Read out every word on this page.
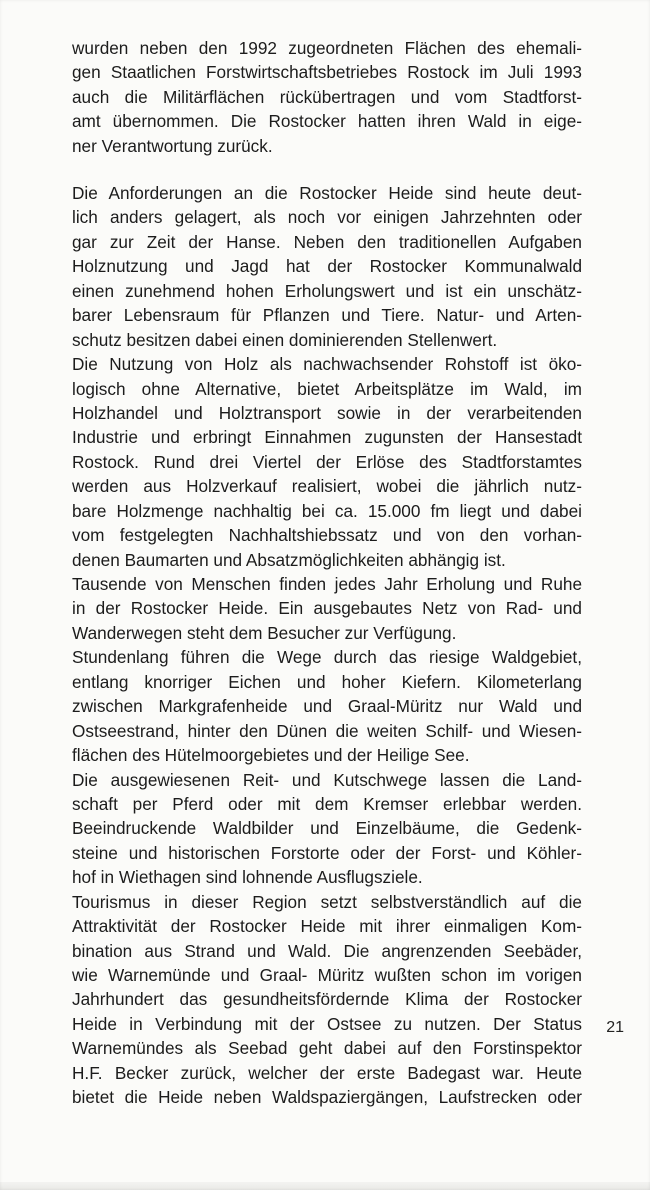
wurden neben den 1992 zugeordneten Flächen des ehemali-
gen Staatlichen Forstwirtschaftsbetriebes Rostock im Juli 1993
auch die Militärflächen rückübertragen und vom Stadtforst-
amt übernommen. Die Rostocker hatten ihren Wald in eige-
ner Verantwortung zurück.
Die Anforderungen an die Rostocker Heide sind heute deut-
lich anders gelagert, als noch vor einigen Jahrzehnten oder
gar zur Zeit der Hanse. Neben den traditionellen Aufgaben
Holznutzung und Jagd hat der Rostocker Kommunalwald
einen zunehmend hohen Erholungswert und ist ein unschätz-
barer Lebensraum für Pflanzen und Tiere. Natur- und Arten-
schutz besitzen dabei einen dominierenden Stellenwert.
Die Nutzung von Holz als nachwachsender Rohstoff ist öko-
logisch ohne Alternative, bietet Arbeitsplätze im Wald, im
Holzhandel und Holztransport sowie in der verarbeitenden
Industrie und erbringt Einnahmen zugunsten der Hansestadt
Rostock. Rund drei Viertel der Erlöse des Stadtforstamtes
werden aus Holzverkauf realisiert, wobei die jährlich nutz-
bare Holzmenge nachhaltig bei ca. 15.000 fm liegt und dabei
vom festgelegten Nachhaltshiebssatz und von den vorhan-
denen Baumarten und Absatzmöglichkeiten abhängig ist.
Tausende von Menschen finden jedes Jahr Erholung und Ruhe
in der Rostocker Heide. Ein ausgebautes Netz von Rad- und
Wanderwegen steht dem Besucher zur Verfügung.
Stundenlang führen die Wege durch das riesige Waldgebiet,
entlang knorriger Eichen und hoher Kiefern. Kilometerlang
zwischen Markgrafenheide und Graal-Müritz nur Wald und
Ostseestrand, hinter den Dünen die weiten Schilf- und Wiesen-
flächen des Hütelmoorgebietes und der Heilige See.
Die ausgewiesenen Reit- und Kutschwege lassen die Land-
schaft per Pferd oder mit dem Kremser erlebbar werden.
Beeindruckende Waldbilder und Einzelbäume, die Gedenk-
steine und historischen Forstorte oder der Forst- und Köhler-
hof in Wiethagen sind lohnende Ausflugsziele.
Tourismus in dieser Region setzt selbstverständlich auf die
Attraktivität der Rostocker Heide mit ihrer einmaligen Kom-
bination aus Strand und Wald. Die angrenzenden Seebäder,
wie Warnemünde und Graal- Müritz wußten schon im vorigen
Jahrhundert das gesundheitsfördernde Klima der Rostocker
Heide in Verbindung mit der Ostsee zu nutzen. Der Status
Warnemündes als Seebad geht dabei auf den Forstinspektor
H.F. Becker zurück, welcher der erste Badegast war. Heute
bietet die Heide neben Waldspaziergängen, Laufstrecken oder
21
